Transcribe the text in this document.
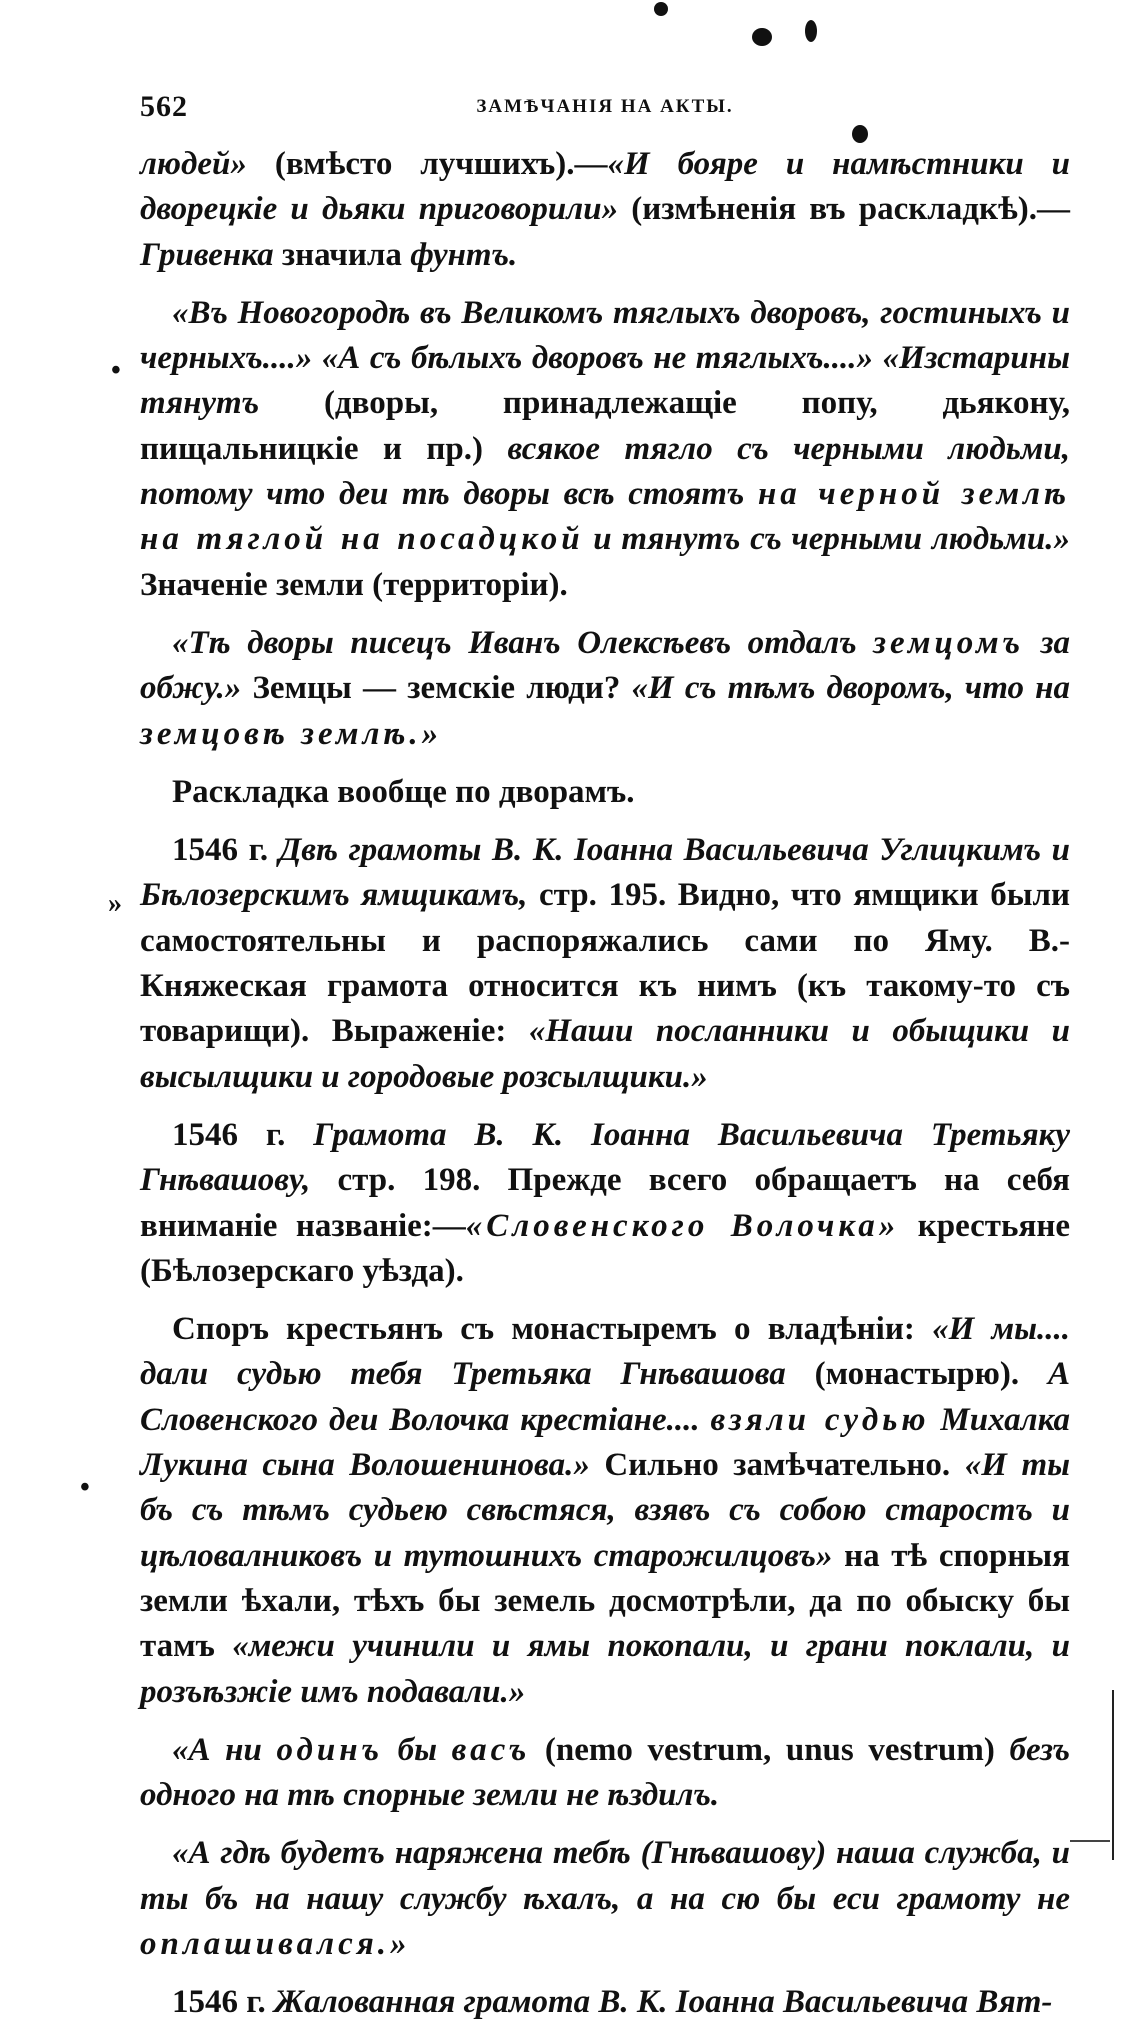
562	ЗАМѢЧАНІЯ НА АКТЫ.

людей» (вмѣсто лучшихъ).—«И бояре и намѣстники и дворецкіе и дьяки приговорили» (измѣненія въ раскладкѣ).—Гривенка значила фунтъ.

«Въ Новогородѣ въ Великомъ тяглыхъ дворовъ, гостиныхъ и черныхъ....» «А съ бѣлыхъ дворовъ не тяглыхъ....» «Изстарины тянутъ (дворы, принадлежащіе попу, дьякону, пищальницкіе и пр.) всякое тягло съ черными людьми, потому что деи тѣ дворы всѣ стоятъ на черной землѣ на тяглой на посадцкой и тянутъ съ черными людьми.» Значеніе земли (территоріи).

«Тѣ дворы писецъ Иванъ Олексѣевъ отдалъ земцомъ за обжу.» Земцы — земскіе люди? «И съ тѣмъ дворомъ, что на земцовѣ землѣ.»

Раскладка вообще по дворамъ.

1546 г. Двѣ грамоты В. К. Іоанна Васильевича Углицкимъ и Бѣлозерскимъ ямщикамъ, стр. 195. Видно, что ямщики были самостоятельны и распоряжались сами по Яму. В.-Княжеская грамота относится къ нимъ (къ такому-то съ товарищи). Выраженіе: «Наши посланники и обыщики и высылщики и городовые розсылщики.»

1546 г. Грамота В. К. Іоанна Васильевича Третьяку Гнѣвашову, стр. 198. Прежде всего обращаетъ на себя вниманіе названіе:—«Словенского Волочка» крестьяне (Бѣлозерскаго уѣзда).

Споръ крестьянъ съ монастыремъ о владѣніи: «И мы.... дали судью тебя Третьяка Гнѣвашова (монастырю). А Словенского деи Волочка крестіане.... взяли судью Михалка Лукина сына Волошенинова.» Сильно замѣчательно. «И ты бъ съ тѣмъ судьею свѣстяся, взявъ съ собою старостъ и цѣловалниковъ и тутошнихъ старожилцовъ» на тѣ спорныя земли ѣхали, тѣхъ бы земель досмотрѣли, да по обыску бы тамъ «межи учинили и ямы покопали, и грани поклали, и розъѣзжіе имъ подавали.»

«А ни одинъ бы васъ (nemo vestrum, unus vestrum) безъ одного на тѣ спорные земли не ѣздилъ.

«А гдѣ будетъ наряжена тебѣ (Гнѣвашову) наша служба, и ты бъ на нашу службу ѣхалъ, а на сю бы еси грамоту не оплашивался.»

1546 г. Жалованная грамота В. К. Іоанна Васильевича Вят-

•
»
•
